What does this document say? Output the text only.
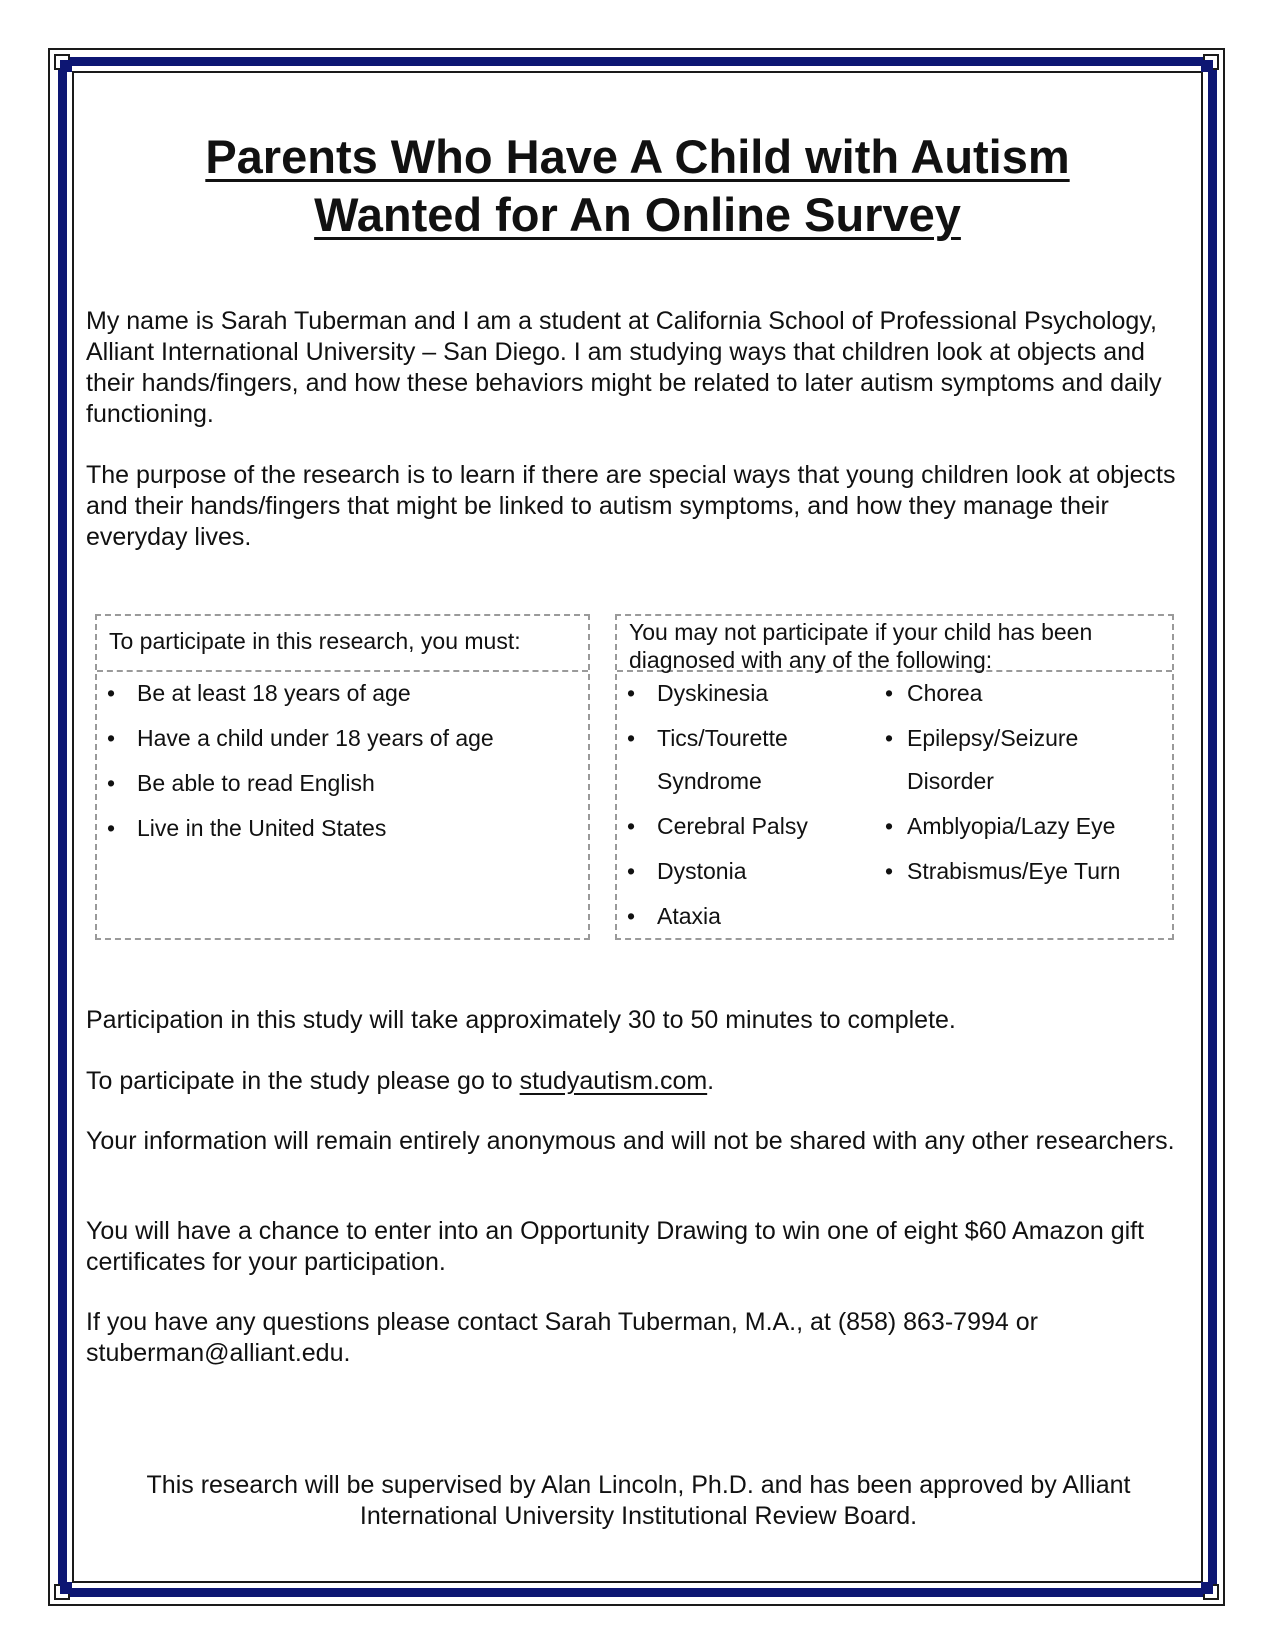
Parents Who Have A Child with Autism
Wanted for An Online Survey

My name is Sarah Tuberman and I am a student at California School of Professional Psychology, Alliant International University – San Diego. I am studying ways that children look at objects and their hands/fingers, and how these behaviors might be related to later autism symptoms and daily functioning.

The purpose of the research is to learn if there are special ways that young children look at objects and their hands/fingers that might be linked to autism symptoms, and how they manage their everyday lives.

To participate in this research, you must:
• Be at least 18 years of age
• Have a child under 18 years of age
• Be able to read English
• Live in the United States
You may not participate if your child has been diagnosed with any of the following:
• Dyskinesia
• Tics/Tourette
Syndrome
• Cerebral Palsy
• Dystonia
• Ataxia
• Chorea
• Epilepsy/Seizure
Disorder
• Amblyopia/Lazy Eye
• Strabismus/Eye Turn

Participation in this study will take approximately 30 to 50 minutes to complete.

To participate in the study please go to studyautism.com.

Your information will remain entirely anonymous and will not be shared with any other researchers.

You will have a chance to enter into an Opportunity Drawing to win one of eight $60 Amazon gift certificates for your participation.

If you have any questions please contact Sarah Tuberman, M.A., at (858) 863-7994 or stuberman@alliant.edu.

This research will be supervised by Alan Lincoln, Ph.D. and has been approved by Alliant International University Institutional Review Board.
